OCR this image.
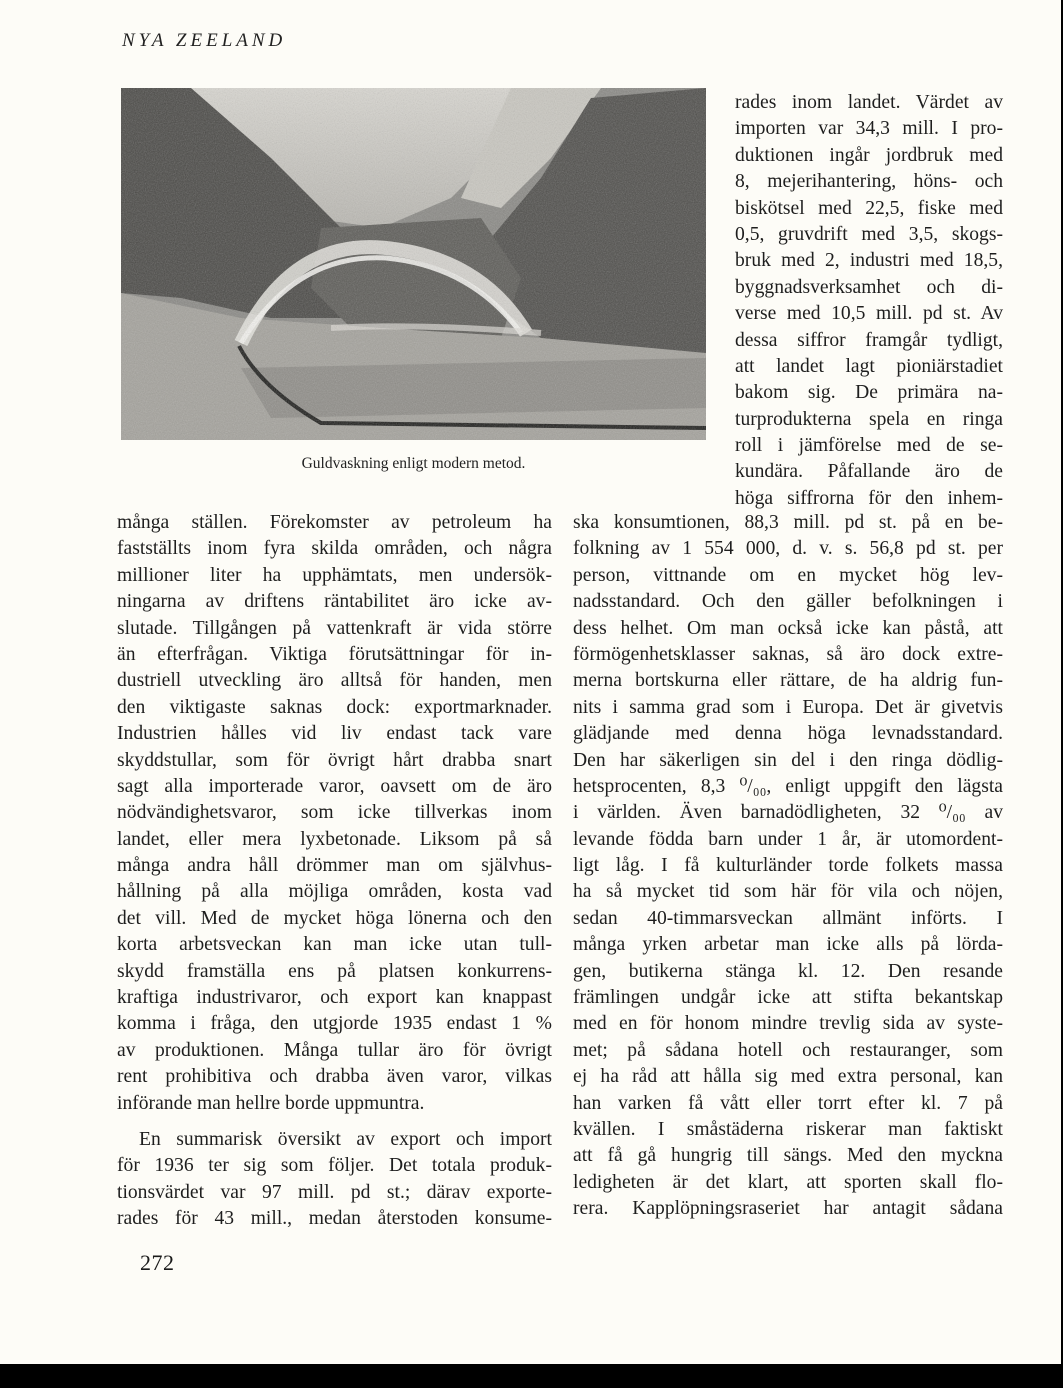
NYA ZEELAND
Guldvaskning enligt modern metod.
rades inom landet. Värdet av
importen var 34,3 mill. I pro-
duktionen ingår jordbruk med
8, mejerihantering, höns- och
biskötsel med 22,5, fiske med
0,5, gruvdrift med 3,5, skogs-
bruk med 2, industri med 18,5,
byggnadsverksamhet och di-
verse med 10,5 mill. pd st. Av
dessa siffror framgår tydligt,
att landet lagt pioniärstadiet
bakom sig. De primära na-
turprodukterna spela en ringa
roll i jämförelse med de se-
kundära. Påfallande äro de
höga siffrorna för den inhem-
många ställen. Förekomster av petroleum ha
fastställts inom fyra skilda områden, och några
millioner liter ha upphämtats, men undersök-
ningarna av driftens räntabilitet äro icke av-
slutade. Tillgången på vattenkraft är vida större
än efterfrågan. Viktiga förutsättningar för in-
dustriell utveckling äro alltså för handen, men
den viktigaste saknas dock: exportmarknader.
Industrien hålles vid liv endast tack vare
skyddstullar, som för övrigt hårt drabba snart
sagt alla importerade varor, oavsett om de äro
nödvändighetsvaror, som icke tillverkas inom
landet, eller mera lyxbetonade. Liksom på så
många andra håll drömmer man om självhus-
hållning på alla möjliga områden, kosta vad
det vill. Med de mycket höga lönerna och den
korta arbetsveckan kan man icke utan tull-
skydd framställa ens på platsen konkurrens-
kraftiga industrivaror, och export kan knappast
komma i fråga, den utgjorde 1935 endast 1 %
av produktionen. Många tullar äro för övrigt
rent prohibitiva och drabba även varor, vilkas
införande man hellre borde uppmuntra.
En summarisk översikt av export och import
för 1936 ter sig som följer. Det totala produk-
tionsvärdet var 97 mill. pd st.; därav exporte-
rades för 43 mill., medan återstoden konsume-
ska konsumtionen, 88,3 mill. pd st. på en be-
folkning av 1 554 000, d. v. s. 56,8 pd st. per
person, vittnande om en mycket hög lev-
nadsstandard. Och den gäller befolkningen i
dess helhet. Om man också icke kan påstå, att
förmögenhetsklasser saknas, så äro dock extre-
merna bortskurna eller rättare, de ha aldrig fun-
nits i samma grad som i Europa. Det är givetvis
glädjande med denna höga levnadsstandard.
Den har säkerligen sin del i den ringa dödlig-
hetsprocenten, 8,3 ⁰/₀₀, enligt uppgift den lägsta
i världen. Även barnadödligheten, 32 ⁰/₀₀ av
levande födda barn under 1 år, är utomordent-
ligt låg. I få kulturländer torde folkets massa
ha så mycket tid som här för vila och nöjen,
sedan 40-timmarsveckan allmänt införts. I
många yrken arbetar man icke alls på lörda-
gen, butikerna stänga kl. 12. Den resande
främlingen undgår icke att stifta bekantskap
med en för honom mindre trevlig sida av syste-
met; på sådana hotell och restauranger, som
ej ha råd att hålla sig med extra personal, kan
han varken få vått eller torrt efter kl. 7 på
kvällen. I småstäderna riskerar man faktiskt
att få gå hungrig till sängs. Med den myckna
ledigheten är det klart, att sporten skall flo-
rera. Kapplöpningsraseriet har antagit sådana
272
